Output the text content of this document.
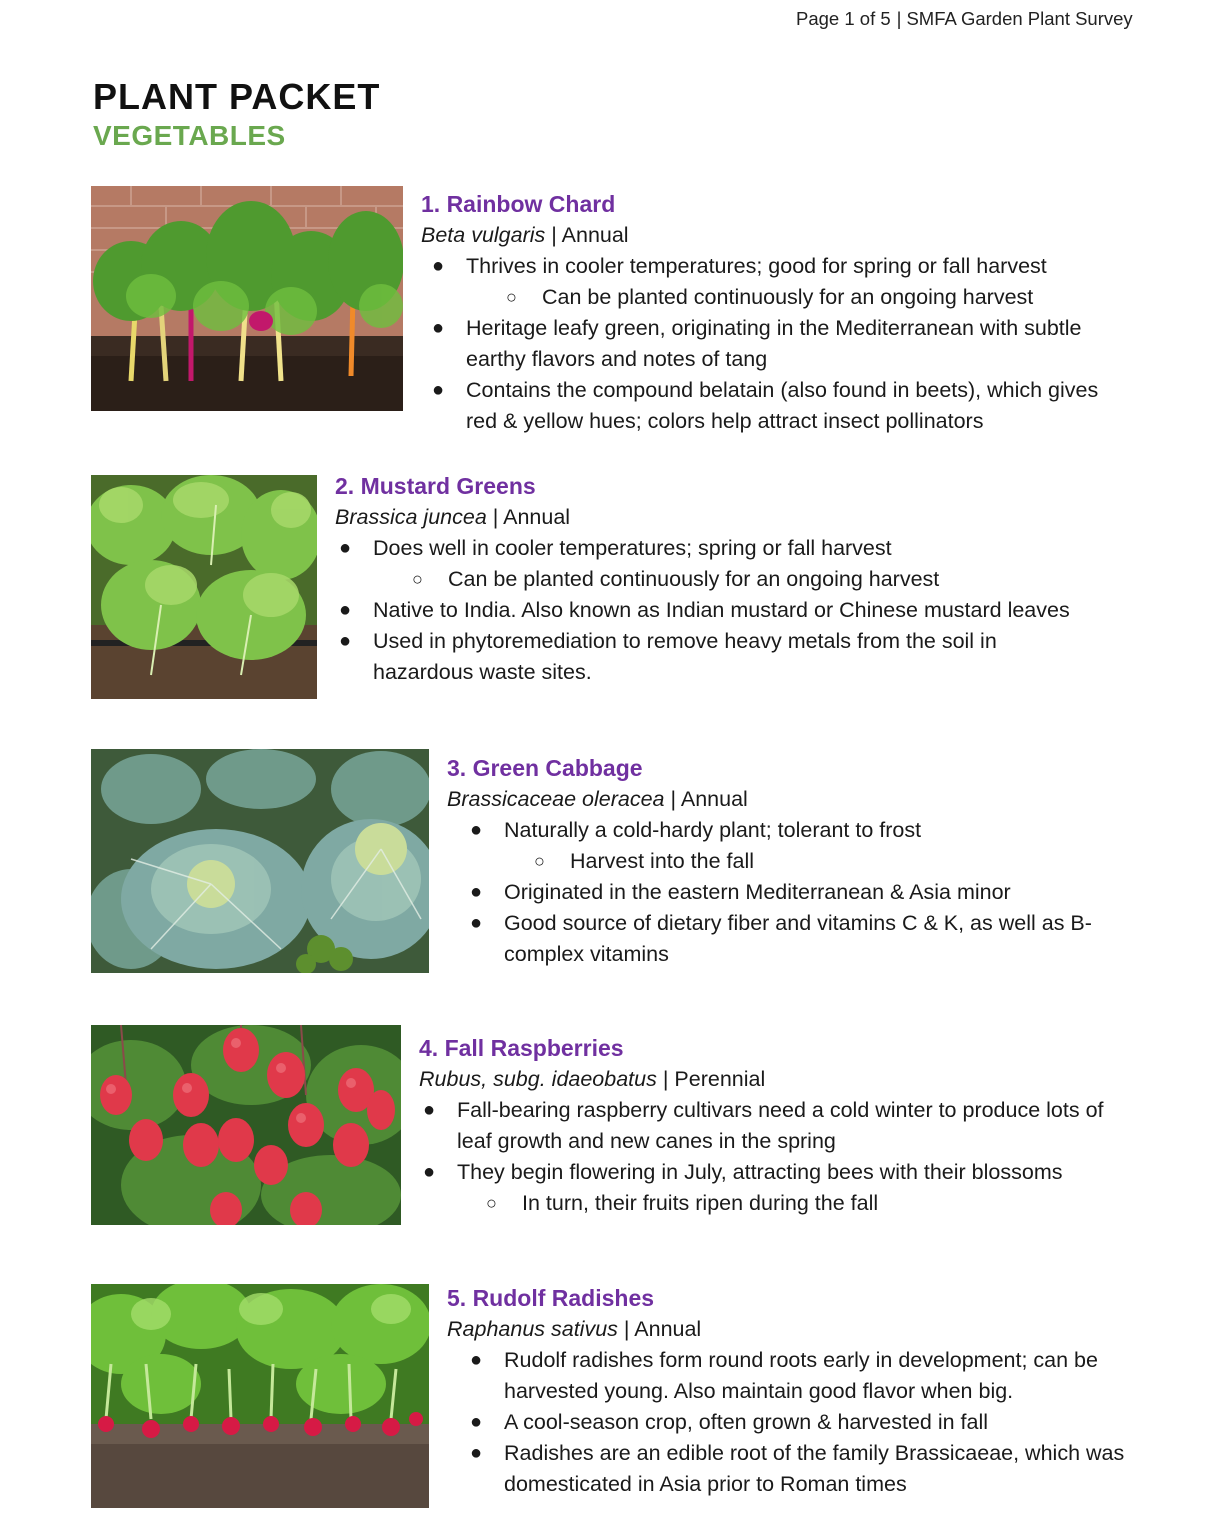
Page 1 of 5 | SMFA Garden Plant Survey
PLANT PACKET
VEGETABLES
1. Rainbow Chard
Beta vulgaris | Annual
● Thrives in cooler temperatures; good for spring or fall harvest
○ Can be planted continuously for an ongoing harvest
● Heritage leafy green, originating in the Mediterranean with subtle earthy flavors and notes of tang
● Contains the compound belatain (also found in beets), which gives red & yellow hues; colors help attract insect pollinators
2. Mustard Greens
Brassica juncea | Annual
● Does well in cooler temperatures; spring or fall harvest
○ Can be planted continuously for an ongoing harvest
● Native to India. Also known as Indian mustard or Chinese mustard leaves
● Used in phytoremediation to remove heavy metals from the soil in hazardous waste sites.
3. Green Cabbage
Brassicaceae oleracea | Annual
● Naturally a cold-hardy plant; tolerant to frost
○ Harvest into the fall
● Originated in the eastern Mediterranean & Asia minor
● Good source of dietary fiber and vitamins C & K, as well as B-complex vitamins
4. Fall Raspberries
Rubus, subg. idaeobatus | Perennial
● Fall-bearing raspberry cultivars need a cold winter to produce lots of leaf growth and new canes in the spring
● They begin flowering in July, attracting bees with their blossoms
○ In turn, their fruits ripen during the fall
5. Rudolf Radishes
Raphanus sativus | Annual
● Rudolf radishes form round roots early in development; can be harvested young. Also maintain good flavor when big.
● A cool-season crop, often grown & harvested in fall
● Radishes are an edible root of the family Brassicaeae, which was domesticated in Asia prior to Roman times
